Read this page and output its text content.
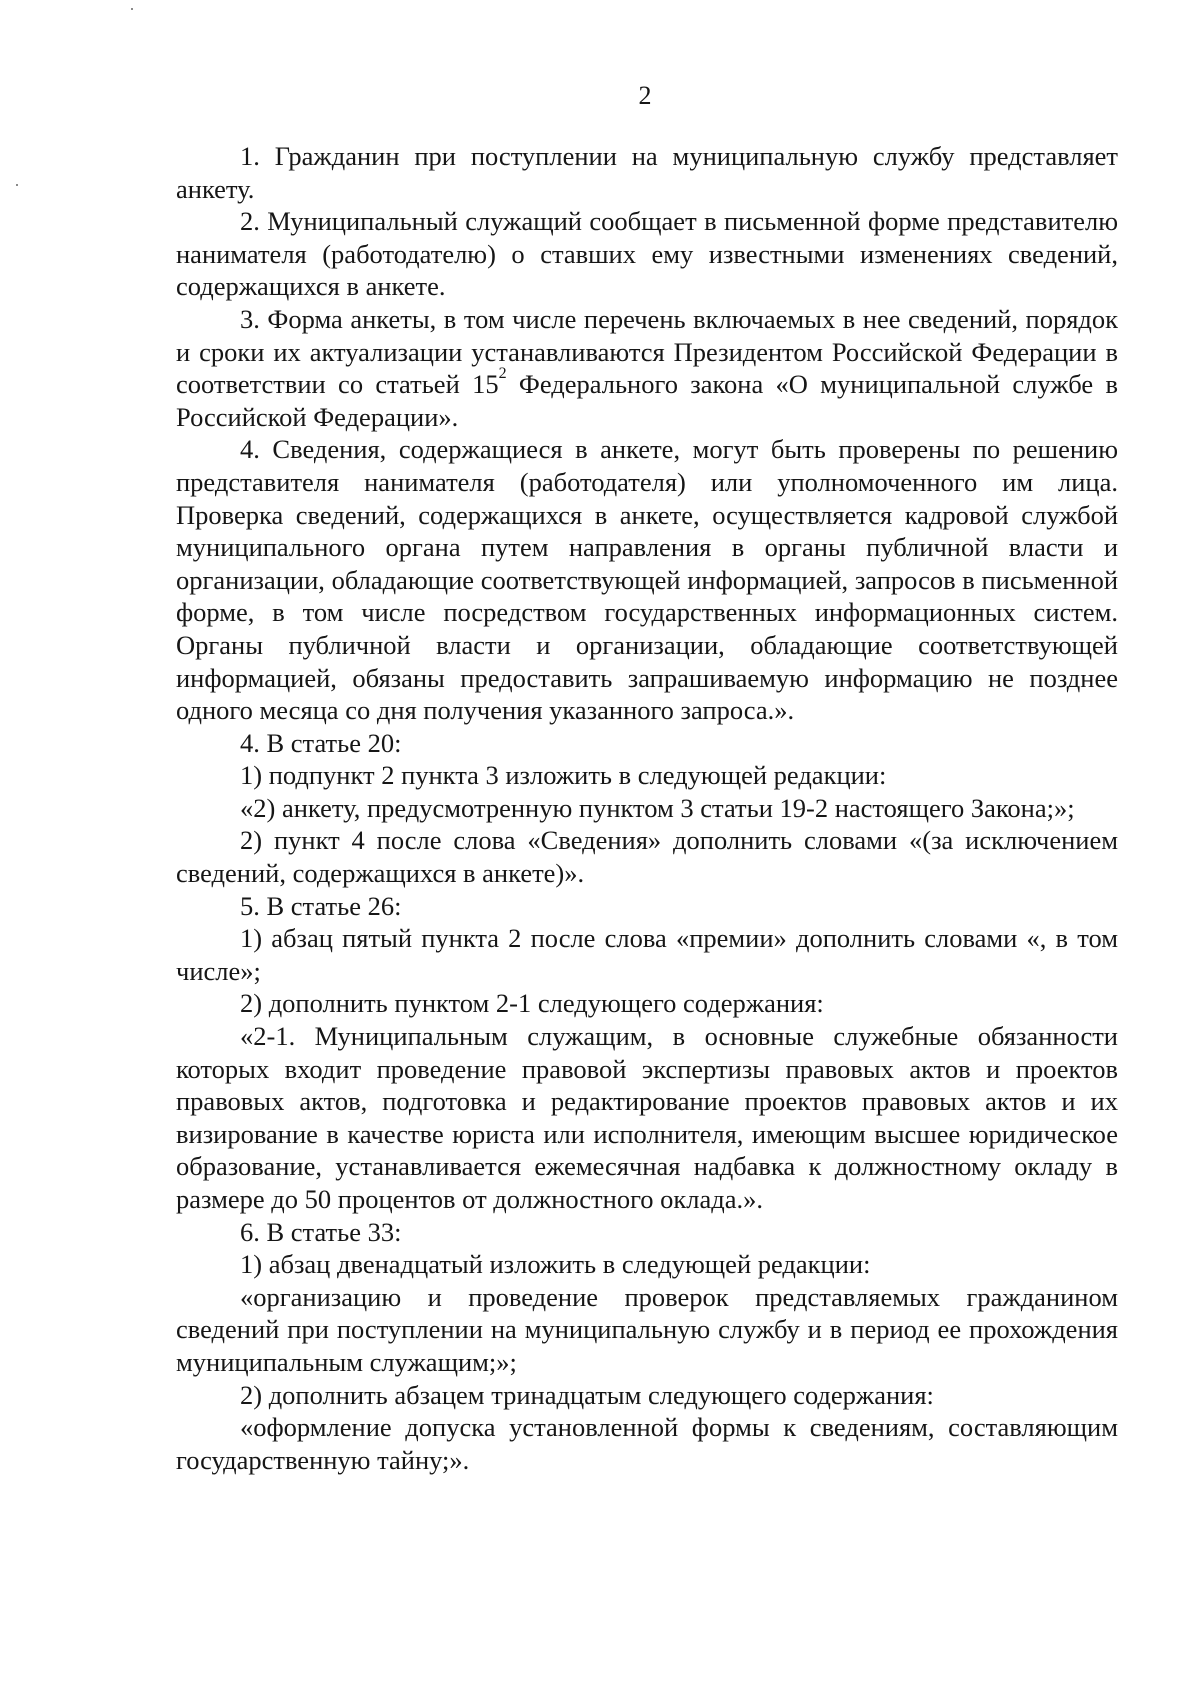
2

1. Гражданин при поступлении на муниципальную службу представляет анкету.

2. Муниципальный служащий сообщает в письменной форме представителю нанимателя (работодателю) о ставших ему известными изменениях сведений, содержащихся в анкете.

3. Форма анкеты, в том числе перечень включаемых в нее сведений, порядок и сроки их актуализации устанавливаются Президентом Российской Федерации в соответствии со статьей $15^2$ Федерального закона «О муниципальной службе в Российской Федерации».

4. Сведения, содержащиеся в анкете, могут быть проверены по решению представителя нанимателя (работодателя) или уполномоченного им лица. Проверка сведений, содержащихся в анкете, осуществляется кадровой службой муниципального органа путем направления в органы публичной власти и организации, обладающие соответствующей информацией, запросов в письменной форме, в том числе посредством государственных информационных систем. Органы публичной власти и организации, обладающие соответствующей информацией, обязаны предоставить запрашиваемую информацию не позднее одного месяца со дня получения указанного запроса.».

4. В статье 20:

1) подпункт 2 пункта 3 изложить в следующей редакции:

«2) анкету, предусмотренную пунктом 3 статьи 19-2 настоящего Закона;»;

2) пункт 4 после слова «Сведения» дополнить словами «(за исключением сведений, содержащихся в анкете)».

5. В статье 26:

1) абзац пятый пункта 2 после слова «премии» дополнить словами «, в том числе»;

2) дополнить пунктом 2-1 следующего содержания:

«2-1. Муниципальным служащим, в основные служебные обязанности которых входит проведение правовой экспертизы правовых актов и проектов правовых актов, подготовка и редактирование проектов правовых актов и их визирование в качестве юриста или исполнителя, имеющим высшее юридическое образование, устанавливается ежемесячная надбавка к должностному окладу в размере до 50 процентов от должностного оклада.».

6. В статье 33:

1) абзац двенадцатый изложить в следующей редакции:

«организацию и проведение проверок представляемых гражданином сведений при поступлении на муниципальную службу и в период ее прохождения муниципальным служащим;»;

2) дополнить абзацем тринадцатым следующего содержания:

«оформление допуска установленной формы к сведениям, составляющим государственную тайну;».
